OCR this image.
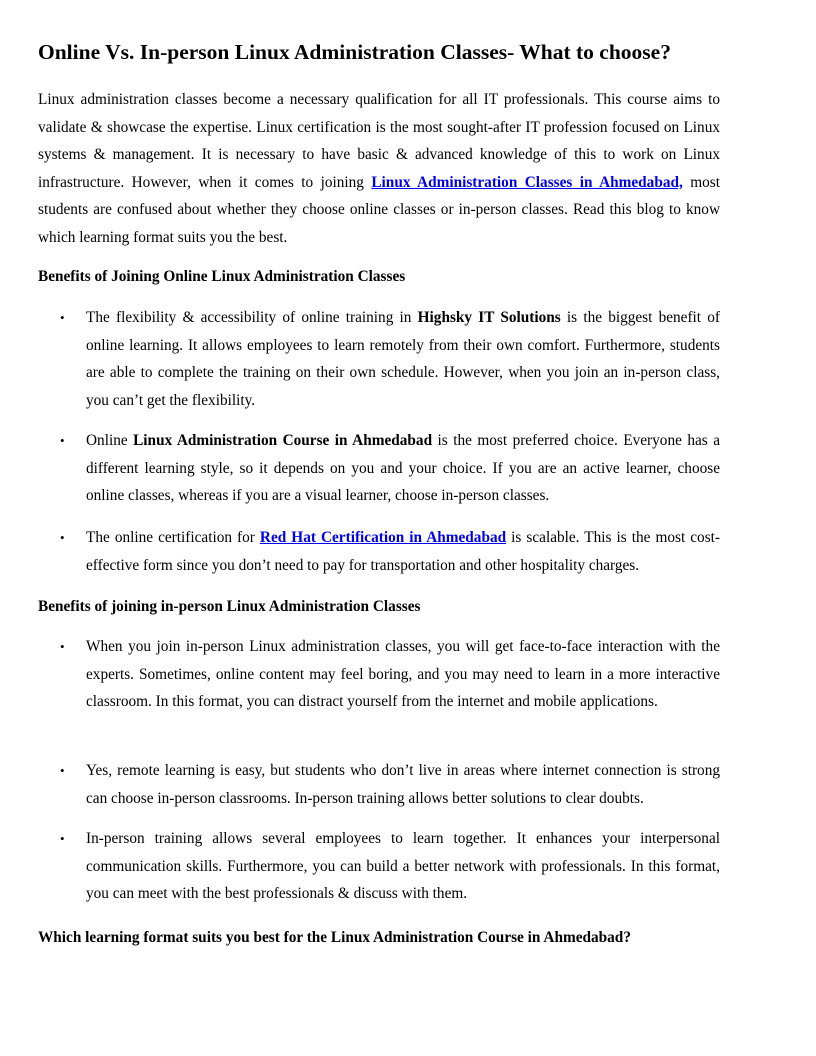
Online Vs. In-person Linux Administration Classes- What to choose?

Linux administration classes become a necessary qualification for all IT professionals. This course aims to validate & showcase the expertise. Linux certification is the most sought-after IT profession focused on Linux systems & management. It is necessary to have basic & advanced knowledge of this to work on Linux infrastructure. However, when it comes to joining Linux Administration Classes in Ahmedabad, most students are confused about whether they choose online classes or in-person classes. Read this blog to know which learning format suits you the best.

Benefits of Joining Online Linux Administration Classes

• The flexibility & accessibility of online training in Highsky IT Solutions is the biggest benefit of online learning. It allows employees to learn remotely from their own comfort. Furthermore, students are able to complete the training on their own schedule. However, when you join an in-person class, you can’t get the flexibility.

• Online Linux Administration Course in Ahmedabad is the most preferred choice. Everyone has a different learning style, so it depends on you and your choice. If you are an active learner, choose online classes, whereas if you are a visual learner, choose in-person classes.

• The online certification for Red Hat Certification in Ahmedabad is scalable. This is the most cost-effective form since you don’t need to pay for transportation and other hospitality charges.

Benefits of joining in-person Linux Administration Classes

• When you join in-person Linux administration classes, you will get face-to-face interaction with the experts. Sometimes, online content may feel boring, and you may need to learn in a more interactive classroom. In this format, you can distract yourself from the internet and mobile applications.

• Yes, remote learning is easy, but students who don’t live in areas where internet connection is strong can choose in-person classrooms. In-person training allows better solutions to clear doubts.

• In-person training allows several employees to learn together. It enhances your interpersonal communication skills. Furthermore, you can build a better network with professionals. In this format, you can meet with the best professionals & discuss with them.

Which learning format suits you best for the Linux Administration Course in Ahmedabad?
